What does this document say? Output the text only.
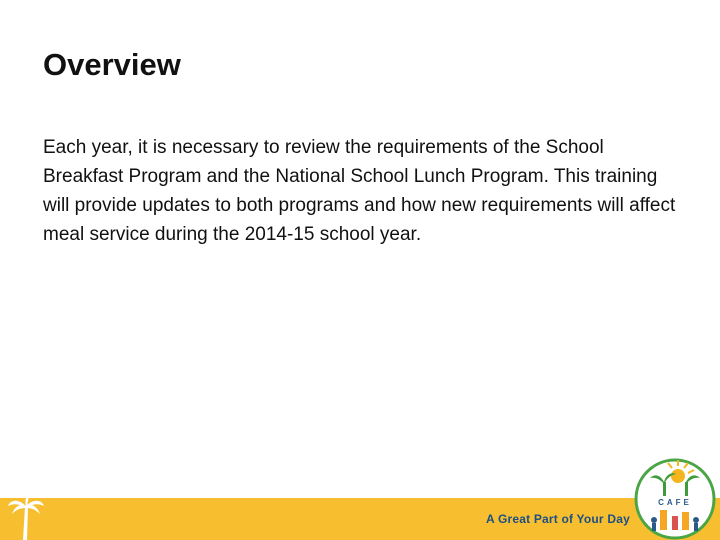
Overview

Each year, it is necessary to review the requirements of the School Breakfast Program and the National School Lunch Program. This training will provide updates to both programs and how new requirements will affect meal service during the 2014-15 school year.

A Great Part of Your Day
CAFE
